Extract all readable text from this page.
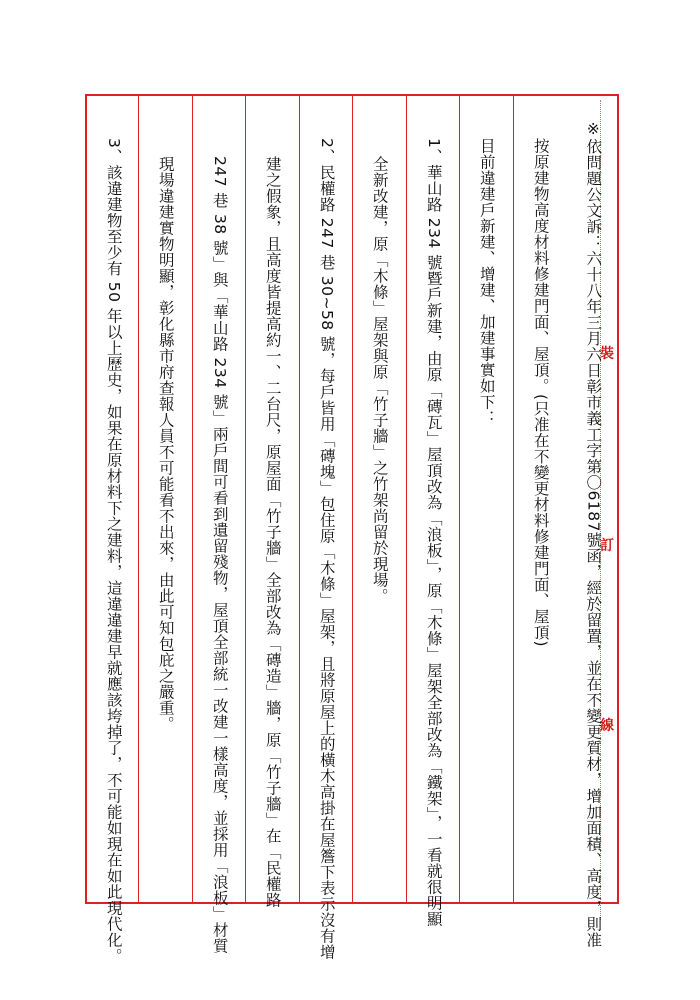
裝
訂
線
※依問題公文訴：六十八年三月六日彰市義工字第〇6187號函，經於留置，並在不變更質材，增加面積、高度，則准
按原建物高度材料修建門面、屋頂。(只准在不變更材料修建門面、屋頂)
目前違建戶新建、增建、加建事實如下：
1、華山路 234 號暨戶新建，由原「磚瓦」屋頂改為「浪板」，原「木條」屋架全部改為「鐵架」，一看就很明顯
全新改建，原「木條」屋架與原「竹子牆」之竹架尚留於現場。
2、民權路 247 巷 30~58 號，每戶皆用「磚塊」包住原「木條」屋架，且將原屋上的橫木高掛在屋簷下表示沒有增
建之假象，且高度皆提高約一、二台尺，原屋面「竹子牆」全部改為「磚造」牆，原「竹子牆」在「民權路
247 巷 38 號」與「華山路 234 號」兩戶間可看到遺留殘物，屋頂全部統一改建一樣高度，並採用「浪板」材質
現場違建實物明顯，彰化縣市府查報人員不可能看不出來，由此可知包庇之嚴重。
3、該違建物至少有 50 年以上歷史，如果在原材料下之建料，這違違建早就應該垮掉了，不可能如現在如此現代化。
